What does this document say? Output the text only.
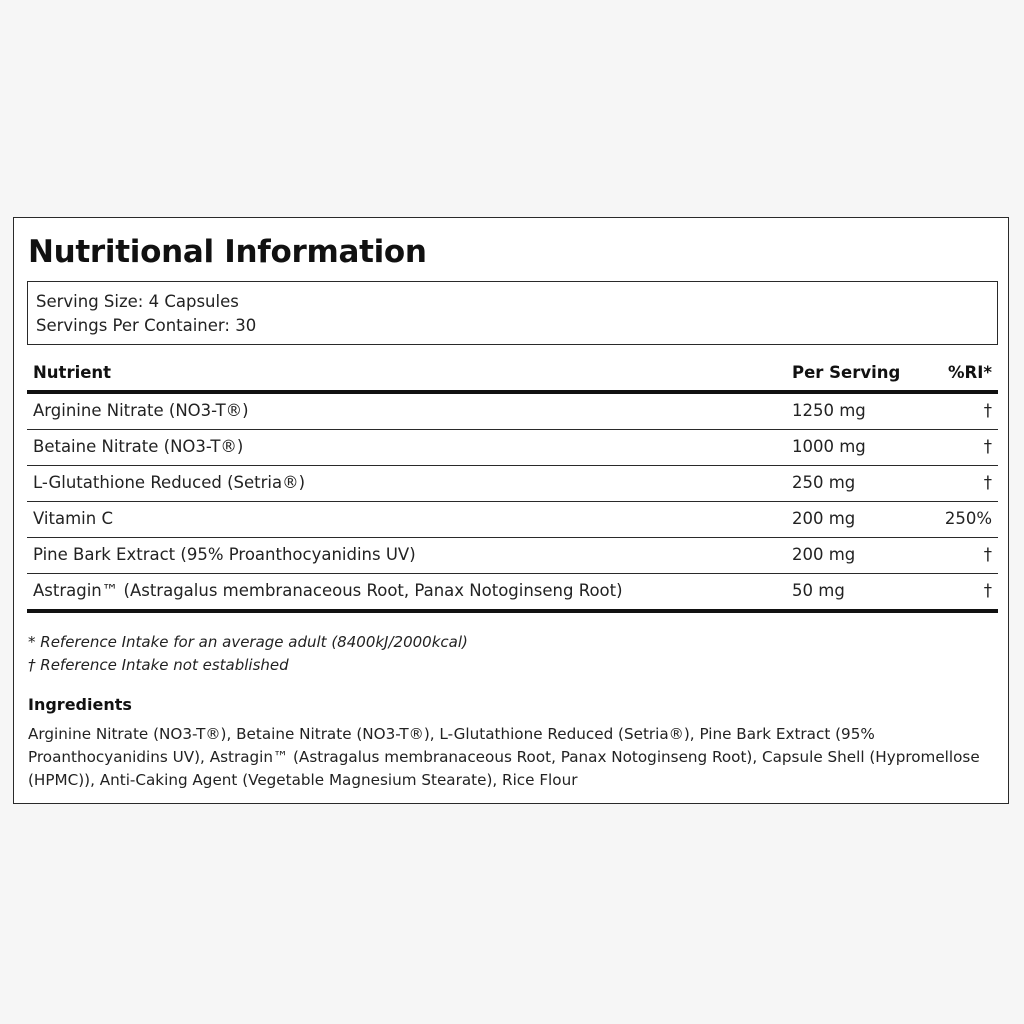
Nutritional Information
Serving Size: 4 Capsules
Servings Per Container: 30
Nutrient	Per Serving	%RI*
Arginine Nitrate (NO3-T®)	1250 mg	†
Betaine Nitrate (NO3-T®)	1000 mg	†
L-Glutathione Reduced (Setria®)	250 mg	†
Vitamin C	200 mg	250%
Pine Bark Extract (95% Proanthocyanidins UV)	200 mg	†
Astragin™ (Astragalus membranaceous Root, Panax Notoginseng Root)	50 mg	†
* Reference Intake for an average adult (8400kJ/2000kcal)
† Reference Intake not established
Ingredients
Arginine Nitrate (NO3-T®), Betaine Nitrate (NO3-T®), L-Glutathione Reduced (Setria®), Pine Bark Extract (95% Proanthocyanidins UV), Astragin™ (Astragalus membranaceous Root, Panax Notoginseng Root), Capsule Shell (Hypromellose (HPMC)), Anti-Caking Agent (Vegetable Magnesium Stearate), Rice Flour
